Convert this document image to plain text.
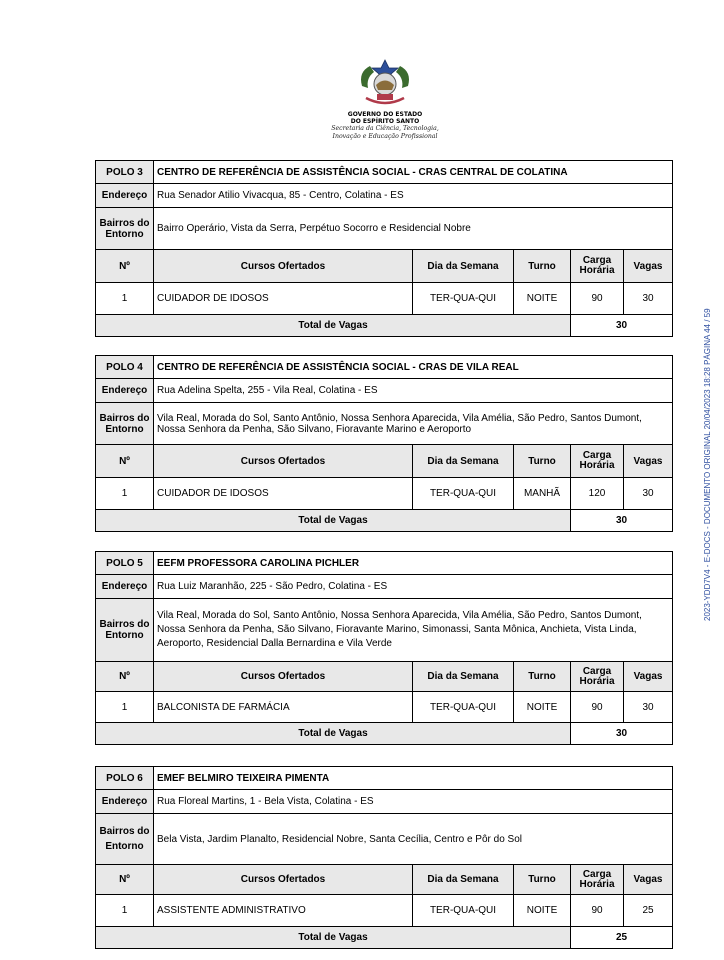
GOVERNO DO ESTADO

DO ESPÍRITO SANTO

Secretaria da Ciência, Tecnologia,

Inovação e Educação Profissional

2023-YDD7V4 - E-DOCS - DOCUMENTO ORIGINAL 20/04/2023 18:28 PÁGINA 44 / 59
POLO 3	CENTRO DE REFERÊNCIA DE ASSISTÊNCIA SOCIAL - CRAS CENTRAL DE COLATINA				
Endereço	Rua Senador Atilio Vivacqua, 85 - Centro, Colatina - ES				
Bairros do Entorno	Bairro Operário, Vista da Serra, Perpétuo Socorro e Residencial Nobre				
Nº	Cursos Ofertados	Dia da Semana	Turno	Carga Horária	Vagas
1	CUIDADOR DE IDOSOS	TER-QUA-QUI	NOITE	90	30
Total de Vagas				30	
POLO 4	CENTRO DE REFERÊNCIA DE ASSISTÊNCIA SOCIAL - CRAS DE VILA REAL				
Endereço	Rua Adelina Spelta, 255 - Vila Real, Colatina - ES				
Bairros do Entorno	Vila Real, Morada do Sol, Santo Antônio, Nossa Senhora Aparecida, Vila Amélia, São Pedro, Santos Dumont, Nossa Senhora da Penha, São Silvano, Fioravante Marino e Aeroporto				
Nº	Cursos Ofertados	Dia da Semana	Turno	Carga Horária	Vagas
1	CUIDADOR DE IDOSOS	TER-QUA-QUI	MANHÃ	120	30
Total de Vagas				30	
POLO 5	EEFM PROFESSORA CAROLINA PICHLER				
Endereço	Rua Luiz Maranhão, 225 - São Pedro, Colatina - ES				
Bairros do Entorno	Vila Real, Morada do Sol, Santo Antônio, Nossa Senhora Aparecida, Vila Amélia, São Pedro, Santos Dumont, Nossa Senhora da Penha, São Silvano, Fioravante Marino, Simonassi, Santa Mônica, Anchieta, Vista Linda, Aeroporto, Residencial Dalla Bernardina e Vila Verde				
Nº	Cursos Ofertados	Dia da Semana	Turno	Carga Horária	Vagas
1	BALCONISTA DE FARMÁCIA	TER-QUA-QUI	NOITE	90	30
Total de Vagas				30	
POLO 6	EMEF BELMIRO TEIXEIRA PIMENTA				
Endereço	Rua Floreal Martins, 1 - Bela Vista, Colatina - ES				
Bairros do Entorno	Bela Vista, Jardim Planalto, Residencial Nobre, Santa Cecília, Centro e Pôr do Sol				
Nº	Cursos Ofertados	Dia da Semana	Turno	Carga Horária	Vagas
1	ASSISTENTE ADMINISTRATIVO	TER-QUA-QUI	NOITE	90	25
Total de Vagas				25	
